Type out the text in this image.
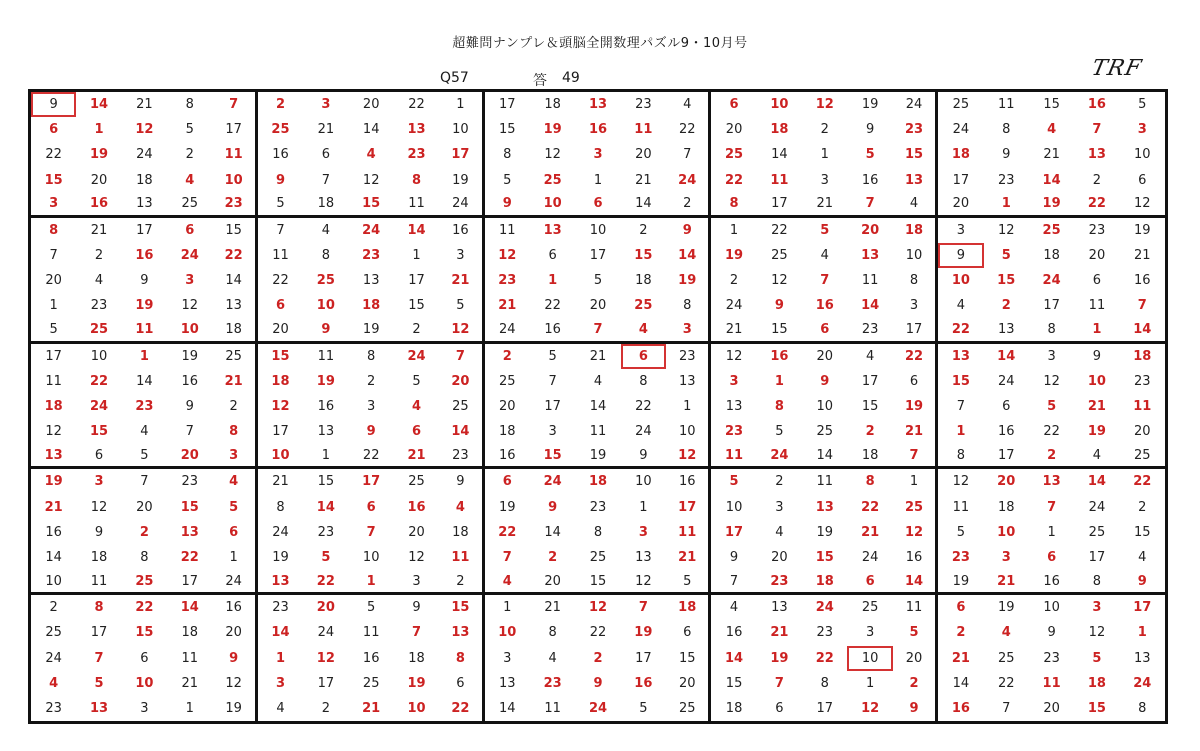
超難問ナンプレ＆頭脳全開数理パズル9・10月号
Q57	答 49	TRF
9	14	21	8	7	2	3	20	22	1	17	18	13	23	4	6	10	12	19	24	25	11	15	16	5
6	1	12	5	17	25	21	14	13	10	15	19	16	11	22	20	18	2	9	23	24	8	4	7	3
22	19	24	2	11	16	6	4	23	17	8	12	3	20	7	25	14	1	5	15	18	9	21	13	10
15	20	18	4	10	9	7	12	8	19	5	25	1	21	24	22	11	3	16	13	17	23	14	2	6
3	16	13	25	23	5	18	15	11	24	9	10	6	14	2	8	17	21	7	4	20	1	19	22	12
8	21	17	6	15	7	4	24	14	16	11	13	10	2	9	1	22	5	20	18	3	12	25	23	19
7	2	16	24	22	11	8	23	1	3	12	6	17	15	14	19	25	4	13	10	9	5	18	20	21
20	4	9	3	14	22	25	13	17	21	23	1	5	18	19	2	12	7	11	8	10	15	24	6	16
1	23	19	12	13	6	10	18	15	5	21	22	20	25	8	24	9	16	14	3	4	2	17	11	7
5	25	11	10	18	20	9	19	2	12	24	16	7	4	3	21	15	6	23	17	22	13	8	1	14
17	10	1	19	25	15	11	8	24	7	2	5	21	6	23	12	16	20	4	22	13	14	3	9	18
11	22	14	16	21	18	19	2	5	20	25	7	4	8	13	3	1	9	17	6	15	24	12	10	23
18	24	23	9	2	12	16	3	4	25	20	17	14	22	1	13	8	10	15	19	7	6	5	21	11
12	15	4	7	8	17	13	9	6	14	18	3	11	24	10	23	5	25	2	21	1	16	22	19	20
13	6	5	20	3	10	1	22	21	23	16	15	19	9	12	11	24	14	18	7	8	17	2	4	25
19	3	7	23	4	21	15	17	25	9	6	24	18	10	16	5	2	11	8	1	12	20	13	14	22
21	12	20	15	5	8	14	6	16	4	19	9	23	1	17	10	3	13	22	25	11	18	7	24	2
16	9	2	13	6	24	23	7	20	18	22	14	8	3	11	17	4	19	21	12	5	10	1	25	15
14	18	8	22	1	19	5	10	12	11	7	2	25	13	21	9	20	15	24	16	23	3	6	17	4
10	11	25	17	24	13	22	1	3	2	4	20	15	12	5	7	23	18	6	14	19	21	16	8	9
2	8	22	14	16	23	20	5	9	15	1	21	12	7	18	4	13	24	25	11	6	19	10	3	17
25	17	15	18	20	14	24	11	7	13	10	8	22	19	6	16	21	23	3	5	2	4	9	12	1
24	7	6	11	9	1	12	16	18	8	3	4	2	17	15	14	19	22	10	20	21	25	23	5	13
4	5	10	21	12	3	17	25	19	6	13	23	9	16	20	15	7	8	1	2	14	22	11	18	24
23	13	3	1	19	4	2	21	10	22	14	11	24	5	25	18	6	17	12	9	16	7	20	15	8
